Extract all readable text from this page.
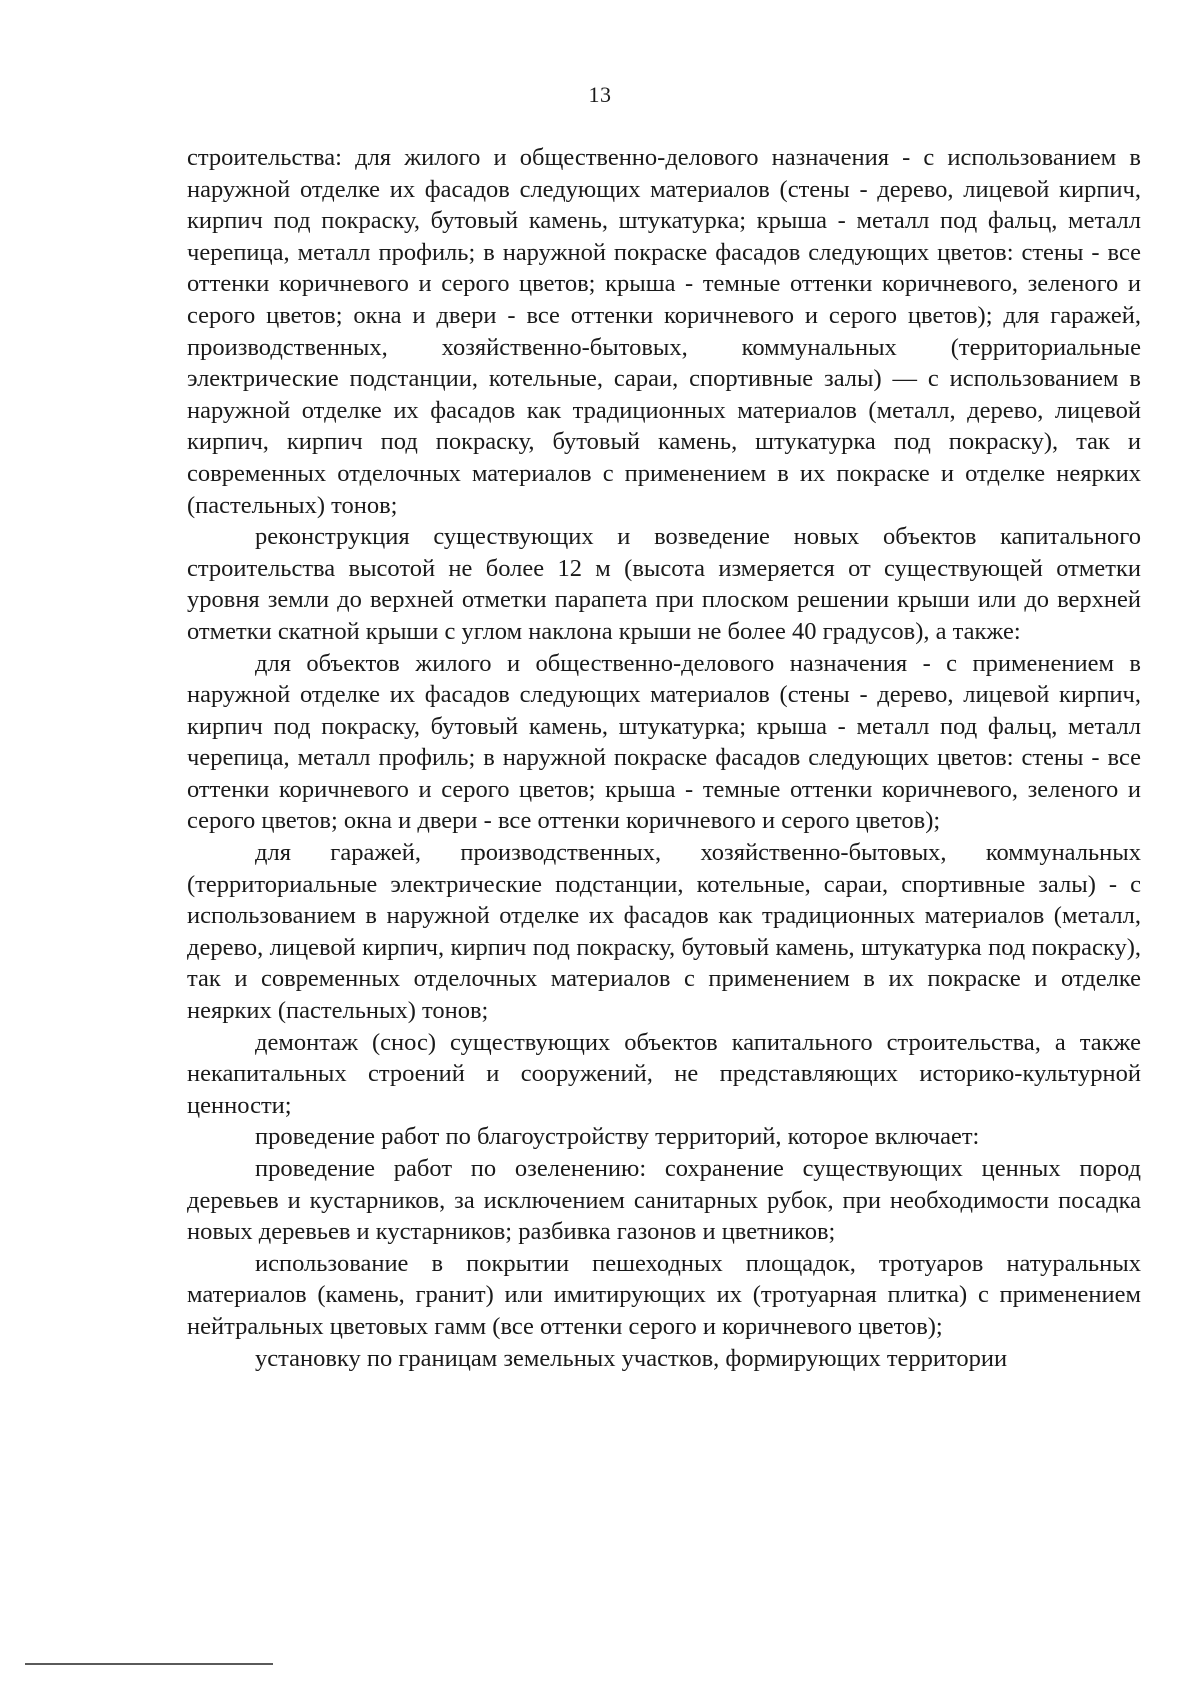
13

строительства: для жилого и общественно-делового назначения - с использованием в наружной отделке их фасадов следующих материалов (стены - дерево, лицевой кирпич, кирпич под покраску, бутовый камень, штукатурка; крыша - металл под фальц, металл черепица, металл профиль; в наружной покраске фасадов следующих цветов: стены - все оттенки коричневого и серого цветов; крыша - темные оттенки коричневого, зеленого и серого цветов; окна и двери - все оттенки коричневого и серого цветов); для гаражей, производственных, хозяйственно-бытовых, коммунальных (территориальные электрические подстанции, котельные, сараи, спортивные залы) — с использованием в наружной отделке их фасадов как традиционных материалов (металл, дерево, лицевой кирпич, кирпич под покраску, бутовый камень, штукатурка под покраску), так и современных отделочных материалов с применением в их покраске и отделке неярких (пастельных) тонов;

реконструкция существующих и возведение новых объектов капитального строительства высотой не более 12 м (высота измеряется от существующей отметки уровня земли до верхней отметки парапета при плоском решении крыши или до верхней отметки скатной крыши с углом наклона крыши не более 40 градусов), а также:

для объектов жилого и общественно-делового назначения - с применением в наружной отделке их фасадов следующих материалов (стены - дерево, лицевой кирпич, кирпич под покраску, бутовый камень, штукатурка; крыша - металл под фальц, металл черепица, металл профиль; в наружной покраске фасадов следующих цветов: стены - все оттенки коричневого и серого цветов; крыша - темные оттенки коричневого, зеленого и серого цветов; окна и двери - все оттенки коричневого и серого цветов);

для гаражей, производственных, хозяйственно-бытовых, коммунальных (территориальные электрические подстанции, котельные, сараи, спортивные залы) - с использованием в наружной отделке их фасадов как традиционных материалов (металл, дерево, лицевой кирпич, кирпич под покраску, бутовый камень, штукатурка под покраску), так и современных отделочных материалов с применением в их покраске и отделке неярких (пастельных) тонов;

демонтаж (снос) существующих объектов капитального строительства, а также некапитальных строений и сооружений, не представляющих историко-культурной ценности;

проведение работ по благоустройству территорий, которое включает:

проведение работ по озеленению: сохранение существующих ценных пород деревьев и кустарников, за исключением санитарных рубок, при необходимости посадка новых деревьев и кустарников; разбивка газонов и цветников;

использование в покрытии пешеходных площадок, тротуаров натуральных материалов (камень, гранит) или имитирующих их (тротуарная плитка) с применением нейтральных цветовых гамм (все оттенки серого и коричневого цветов);

установку по границам земельных участков, формирующих территории
